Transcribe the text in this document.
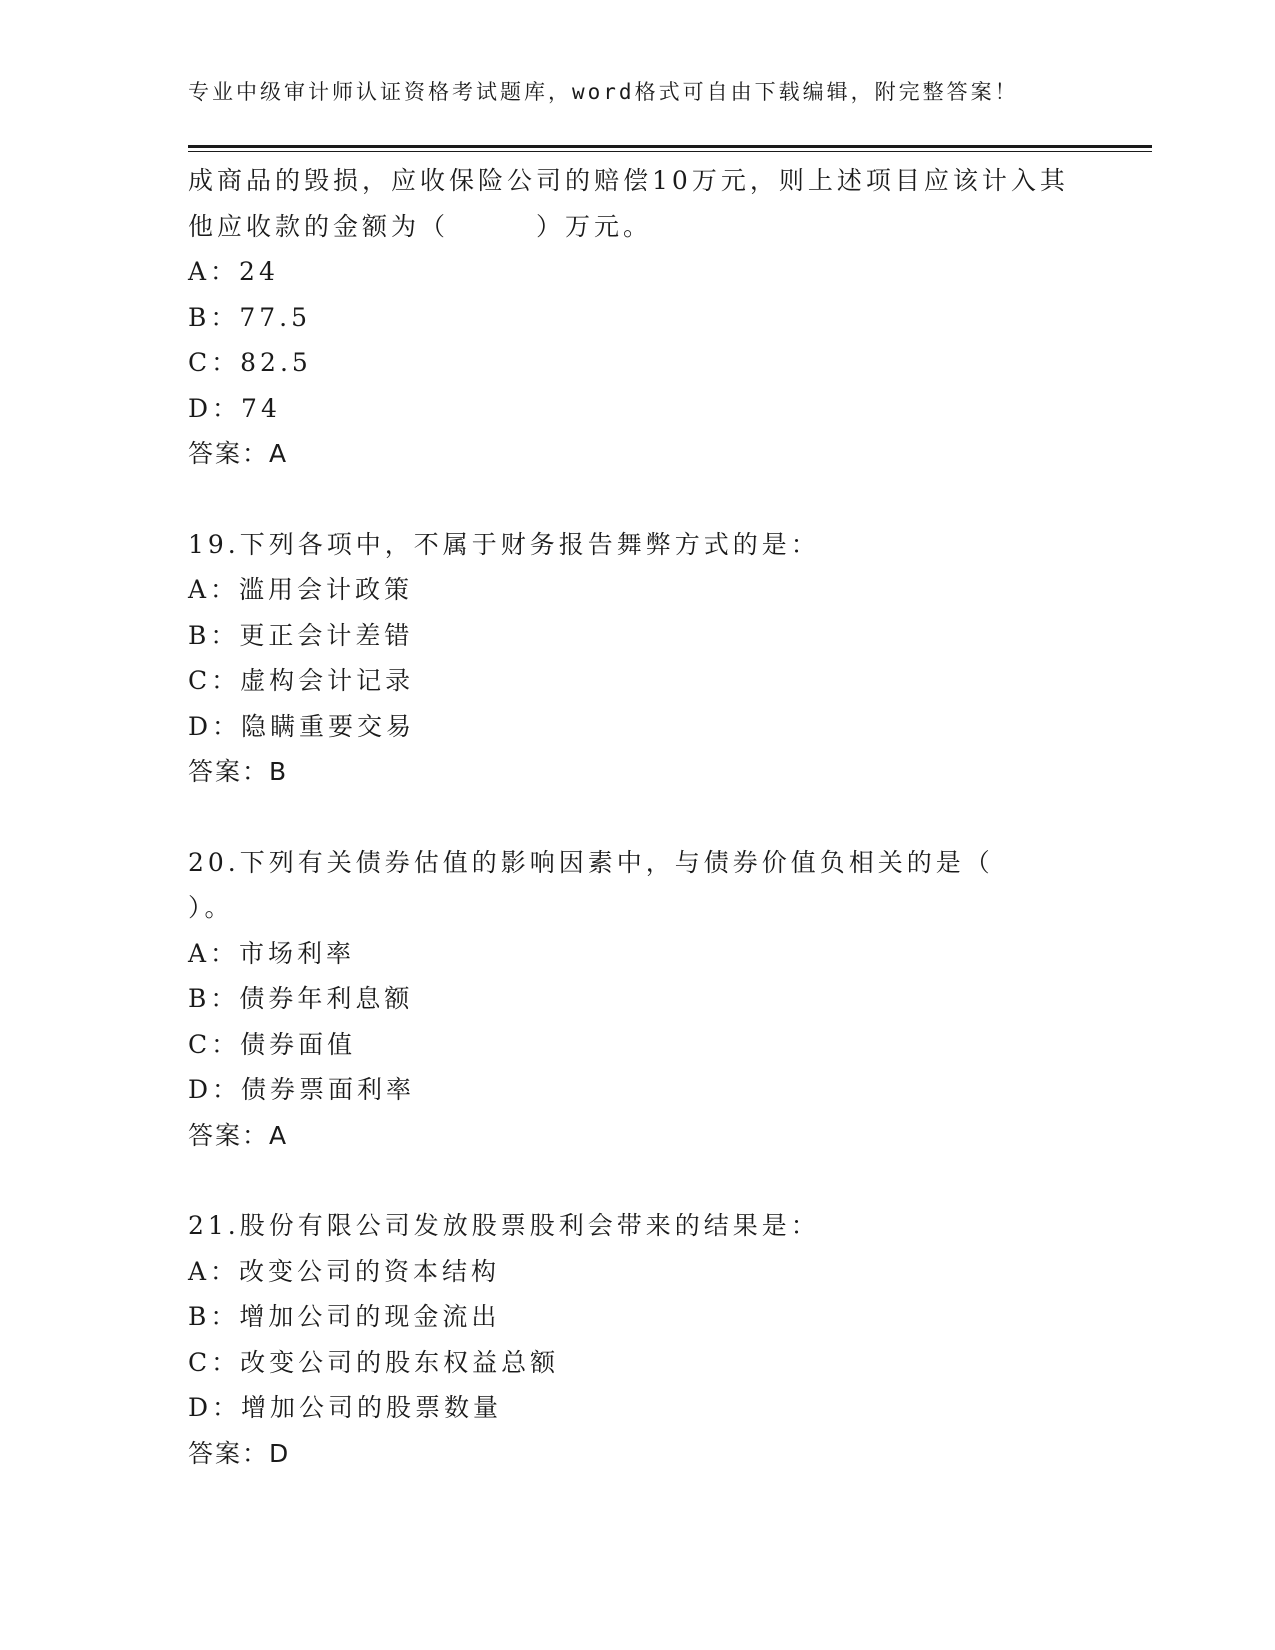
专业中级审计师认证资格考试题库，word格式可自由下载编辑，附完整答案！
成商品的毁损，应收保险公司的赔偿10万元，则上述项目应该计入其
他应收款的金额为（　　　）万元。
A：24
B：77.5
C：82.5
D：74
答案：A
19.下列各项中，不属于财务报告舞弊方式的是：
A：滥用会计政策
B：更正会计差错
C：虚构会计记录
D：隐瞒重要交易
答案：B
20.下列有关债券估值的影响因素中，与债券价值负相关的是（
）。
A：市场利率
B：债券年利息额
C：债券面值
D：债券票面利率
答案：A
21.股份有限公司发放股票股利会带来的结果是：
A：改变公司的资本结构
B：增加公司的现金流出
C：改变公司的股东权益总额
D：增加公司的股票数量
答案：D
